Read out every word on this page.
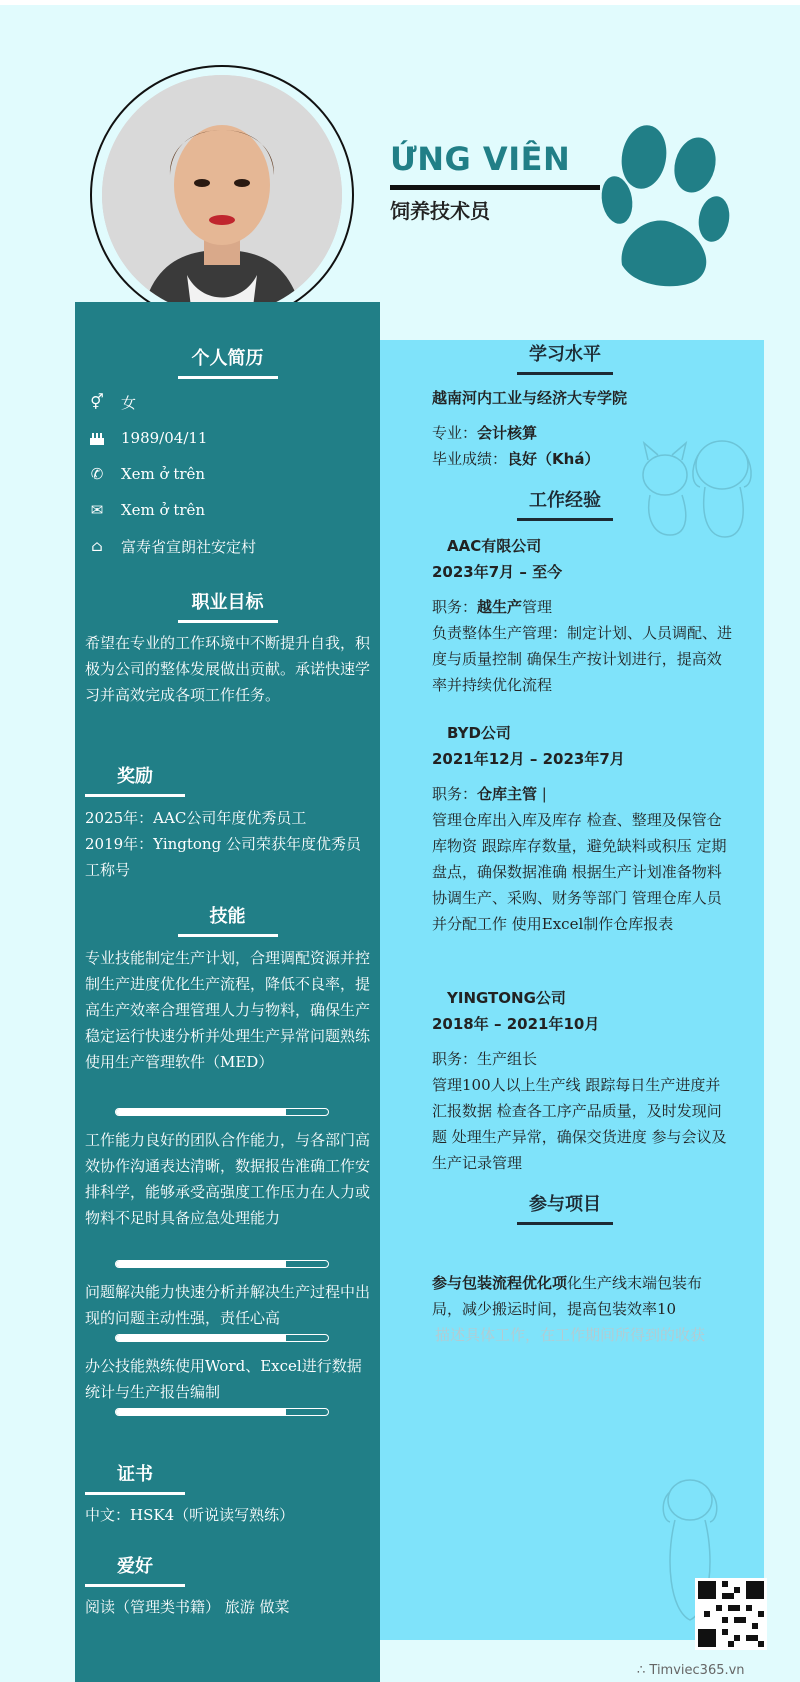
ỨNG VIÊN
饲养技术员
个人简历
⚥	女
1989/04/11
✆	Xem ở trên
✉	Xem ở trên
⌂	富寿省宣朗社安定村
职业目标
希望在专业的工作环境中不断提升自我，积极为公司的整体发展做出贡献。承诺快速学习并高效完成各项工作任务。
奖励
2025年：AAC公司年度优秀员工
2019年：Yingtong 公司荣获年度优秀员工称号
技能
专业技能制定生产计划，合理调配资源并控制生产进度优化生产流程，降低不良率，提高生产效率合理管理人力与物料，确保生产稳定运行快速分析并处理生产异常问题熟练使用生产管理软件（MED）
工作能力良好的团队合作能力，与各部门高效协作沟通表达清晰，数据报告准确工作安排科学，能够承受高强度工作压力在人力或物料不足时具备应急处理能力
问题解决能力快速分析并解决生产过程中出现的问题主动性强，责任心高
办公技能熟练使用Word、Excel进行数据统计与生产报告编制
证书
中文：HSK4（听说读写熟练）
爱好
阅读（管理类书籍） 旅游 做菜
学习水平
越南河内工业与经济大专学院
专业：会计核算
毕业成绩：良好（Khá）
工作经验
AAC有限公司
2023年7月 – 至今
职务：越生产管理
负责整体生产管理：制定计划、人员调配、进度与质量控制 确保生产按计划进行，提高效率并持续优化流程
BYD公司
2021年12月 – 2023年7月
职务：仓库主管 |
管理仓库出入库及库存 检查、整理及保管仓库物资 跟踪库存数量，避免缺料或积压 定期盘点，确保数据准确 根据生产计划准备物料 协调生产、采购、财务等部门 管理仓库人员并分配工作 使用Excel制作仓库报表
YINGTONG公司
2018年 – 2021年10月
职务：生产组长
管理100人以上生产线 跟踪每日生产进度并汇报数据 检查各工序产品质量，及时发现问题 处理生产异常，确保交货进度 参与会议及生产记录管理
参与项目
参与包装流程优化项化生产线末端包装布局，减少搬运时间，提高包装效率10
描述具体工作，在工作期间所得到的收获
∴ Timviec365.vn
